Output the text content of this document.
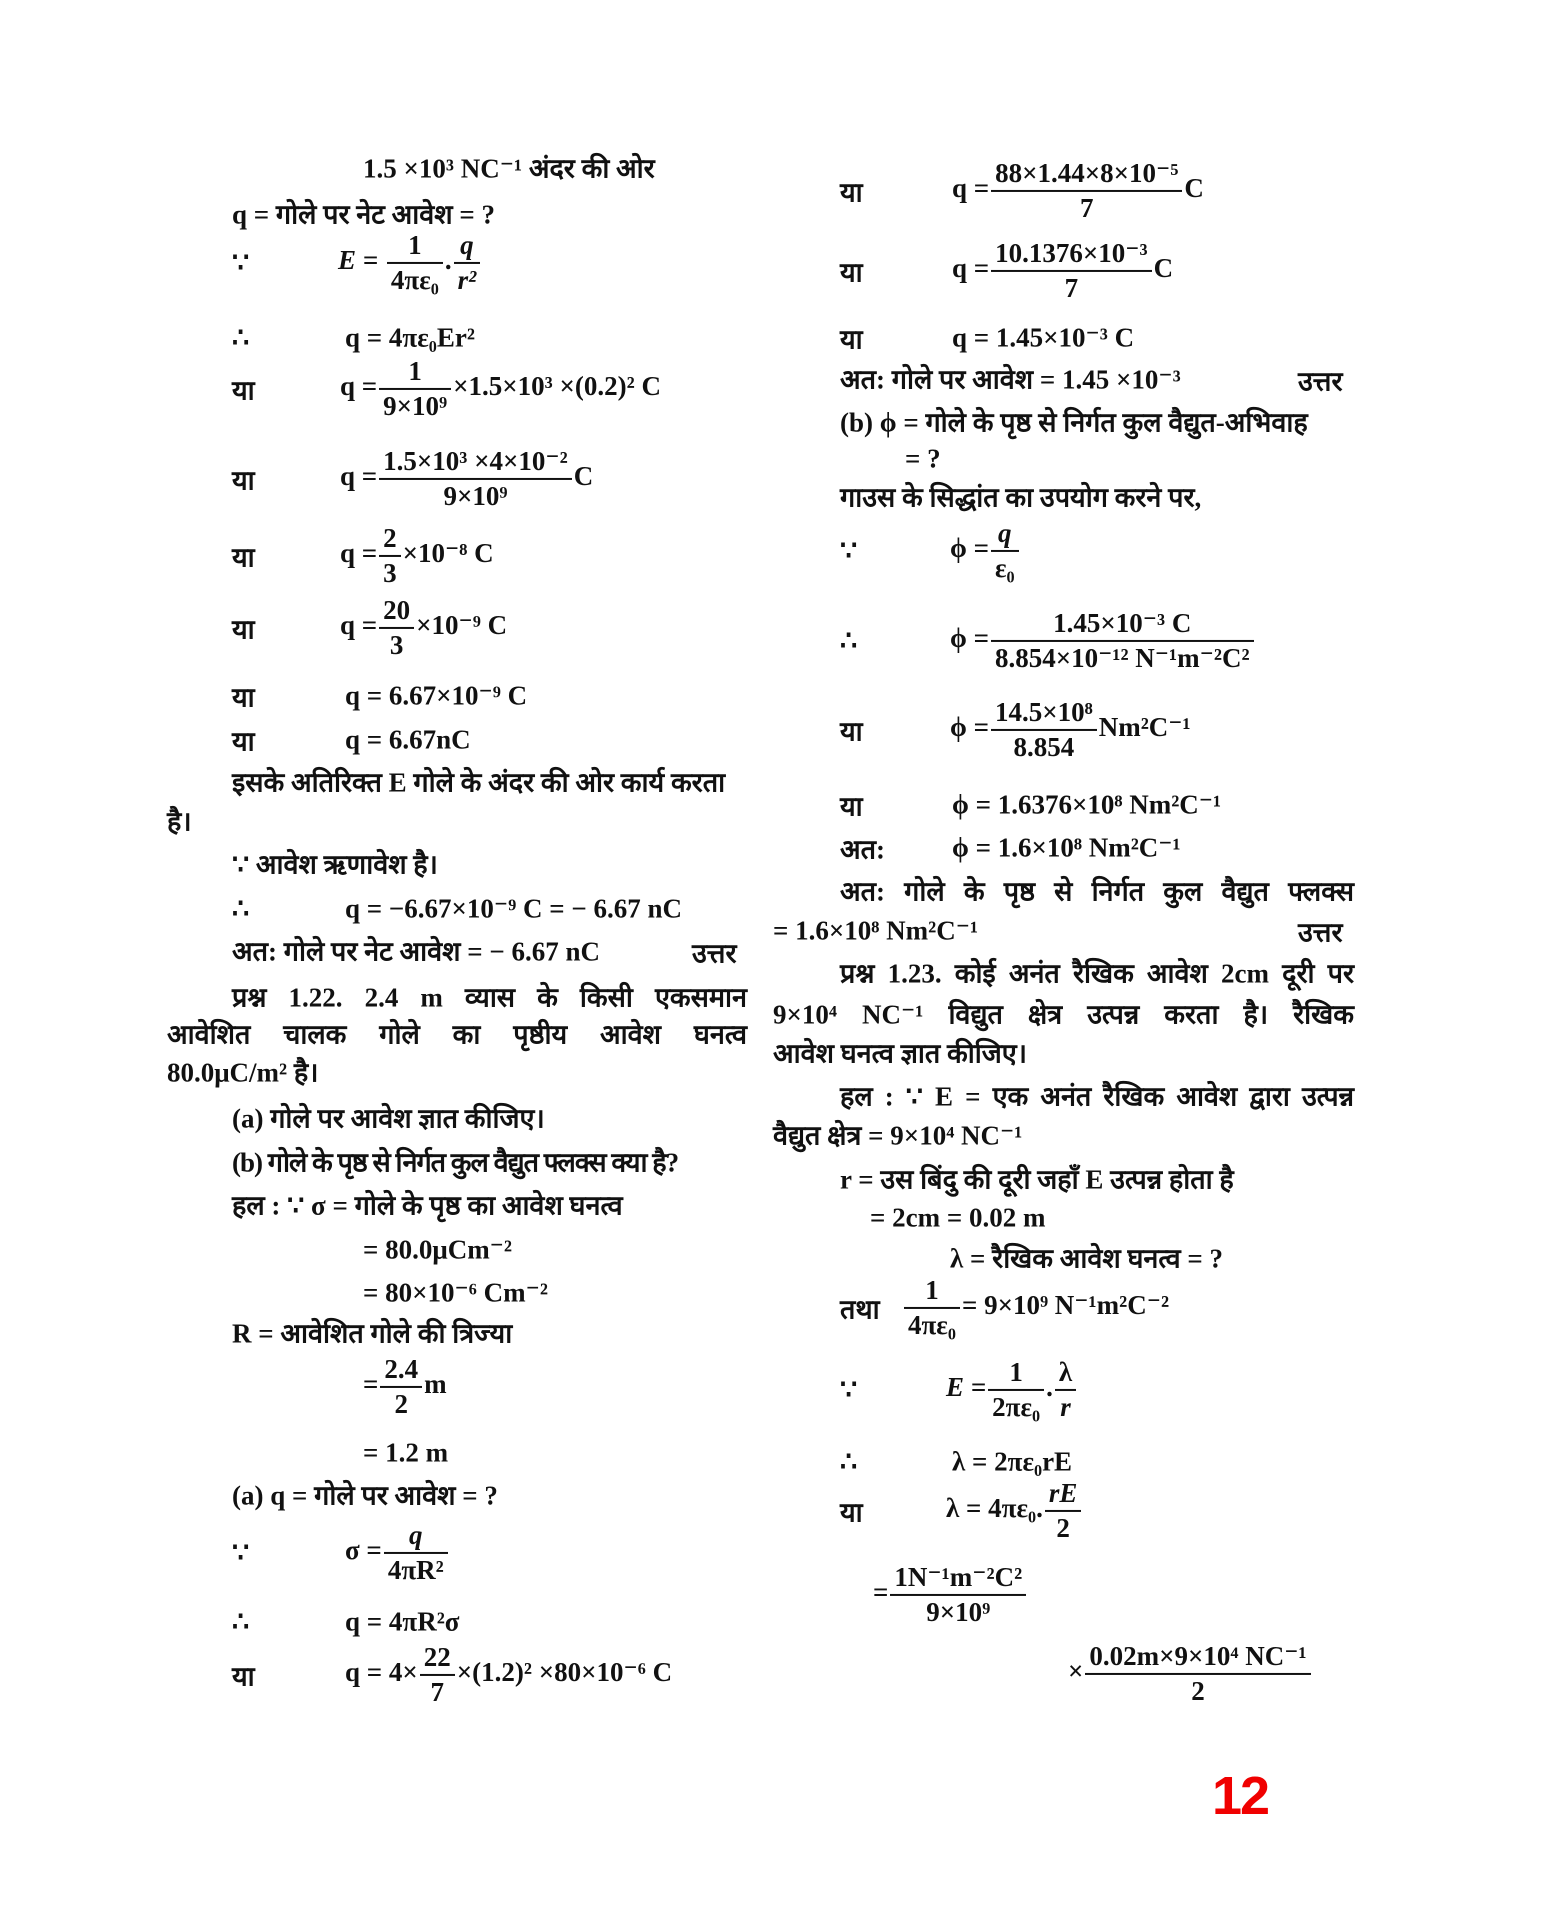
1.5 ×10³ NC⁻¹ अंदर की ओर
q = गोले पर नेट आवेश = ?
∵	$E = \frac{1}{\text{4πε₀}}$ . $\frac{q}{\text{r²}}$
∴	q = 4πε₀Er²
या	$q = \frac{1}{\text{9×10⁹}} \times 1.5\times 10^3 \times(0.2)^2$ C
या	$q = \frac{\text{1.5×10³ ×4×10⁻²}}{\text{9×10⁹}}$ C
या	$q = \frac{2}{3} \times 10^{-8}$ C
या	$q = \frac{20}{3} \times 10^{-9}$ C
या	q = 6.67×10⁻⁹ C
या	q = 6.67nC
इसके अतिरिक्त E गोले के अंदर की ओर कार्य करता
है।
∵ आवेश ऋणावेश है।
∴	q = −6.67×10⁻⁹ C = − 6.67 nC
अत: गोले पर नेट आवेश = − 6.67 nC	उत्तर
प्रश्न 1.22. 2.4 m व्यास के किसी एकसमान
आवेशित चालक गोले का पृष्ठीय आवेश घनत्व
80.0μC/m² है।
(a) गोले पर आवेश ज्ञात कीजिए।
(b) गोले के पृष्ठ से निर्गत कुल वैद्युत फ्लक्स क्या है?
हल : ∵ σ = गोले के पृष्ठ का आवेश घनत्व
= 80.0μCm⁻²
= 80×10⁻⁶ Cm⁻²
R = आवेशित गोले की त्रिज्या
= $\frac{2.4}{2}$ m
= 1.2 m
(a) q = गोले पर आवेश = ?
∵	$\sigma = \frac{q}{\text{4πR²}}$
∴	q = 4πR²σ
या	$q = 4\times \frac{22}{7} \times(1.2)^2 \times 80\times 10^{-6}$ C
या	$q = \frac{\text{88×1.44×8×10⁻⁵}}{7}$ C
या	$q = \frac{\text{10.1376×10⁻³}}{7}$ C
या	q = 1.45×10⁻³ C
अत: गोले पर आवेश = 1.45 ×10⁻³	उत्तर
(b) ϕ = गोले के पृष्ठ से निर्गत कुल वैद्युत-अभिवाह
= ?
गाउस के सिद्धांत का उपयोग करने पर,
∵	$\phi = \frac{q}{\text{ε₀}}$
∴	$\phi = \frac{\text{1.45×10⁻³ C}}{\text{8.854×10⁻¹² N⁻¹m⁻²C²}}$
या	$\phi = \frac{\text{14.5×10⁸}}{8.854} Nm^2C^{-1}$
या	ϕ = 1.6376×10⁸ Nm²C⁻¹
अत: ϕ = 1.6×10⁸ Nm²C⁻¹
अत: गोले के पृष्ठ से निर्गत कुल वैद्युत फ्लक्स
= 1.6×10⁸ Nm²C⁻¹	उत्तर
प्रश्न 1.23. कोई अनंत रैखिक आवेश 2cm दूरी पर
9×10⁴ NC⁻¹ विद्युत क्षेत्र उत्पन्न करता है। रैखिक
आवेश घनत्व ज्ञात कीजिए।
हल : ∵ E = एक अनंत रैखिक आवेश द्वारा उत्पन्न
वैद्युत क्षेत्र = 9×10⁴ NC⁻¹
r = उस बिंदु की दूरी जहाँ E उत्पन्न होता है
= 2cm = 0.02 m
λ = रैखिक आवेश घनत्व = ?
तथा $\frac{1}{\text{4πε₀}} = 9\times 10^9$ N⁻¹m²C⁻²
∵	$E = \frac{1}{\text{2πε₀}}$ . $\frac{\lambda}{r}$
∴	λ = 2πε₀rE
या	λ = 4πε₀. $\frac{rE}{2}$
= $\frac{\text{1N⁻¹m⁻²C²}}{\text{9×10⁹}}$
× $\frac{\text{0.02m×9×10⁴ NC⁻¹}}{2}$
12
